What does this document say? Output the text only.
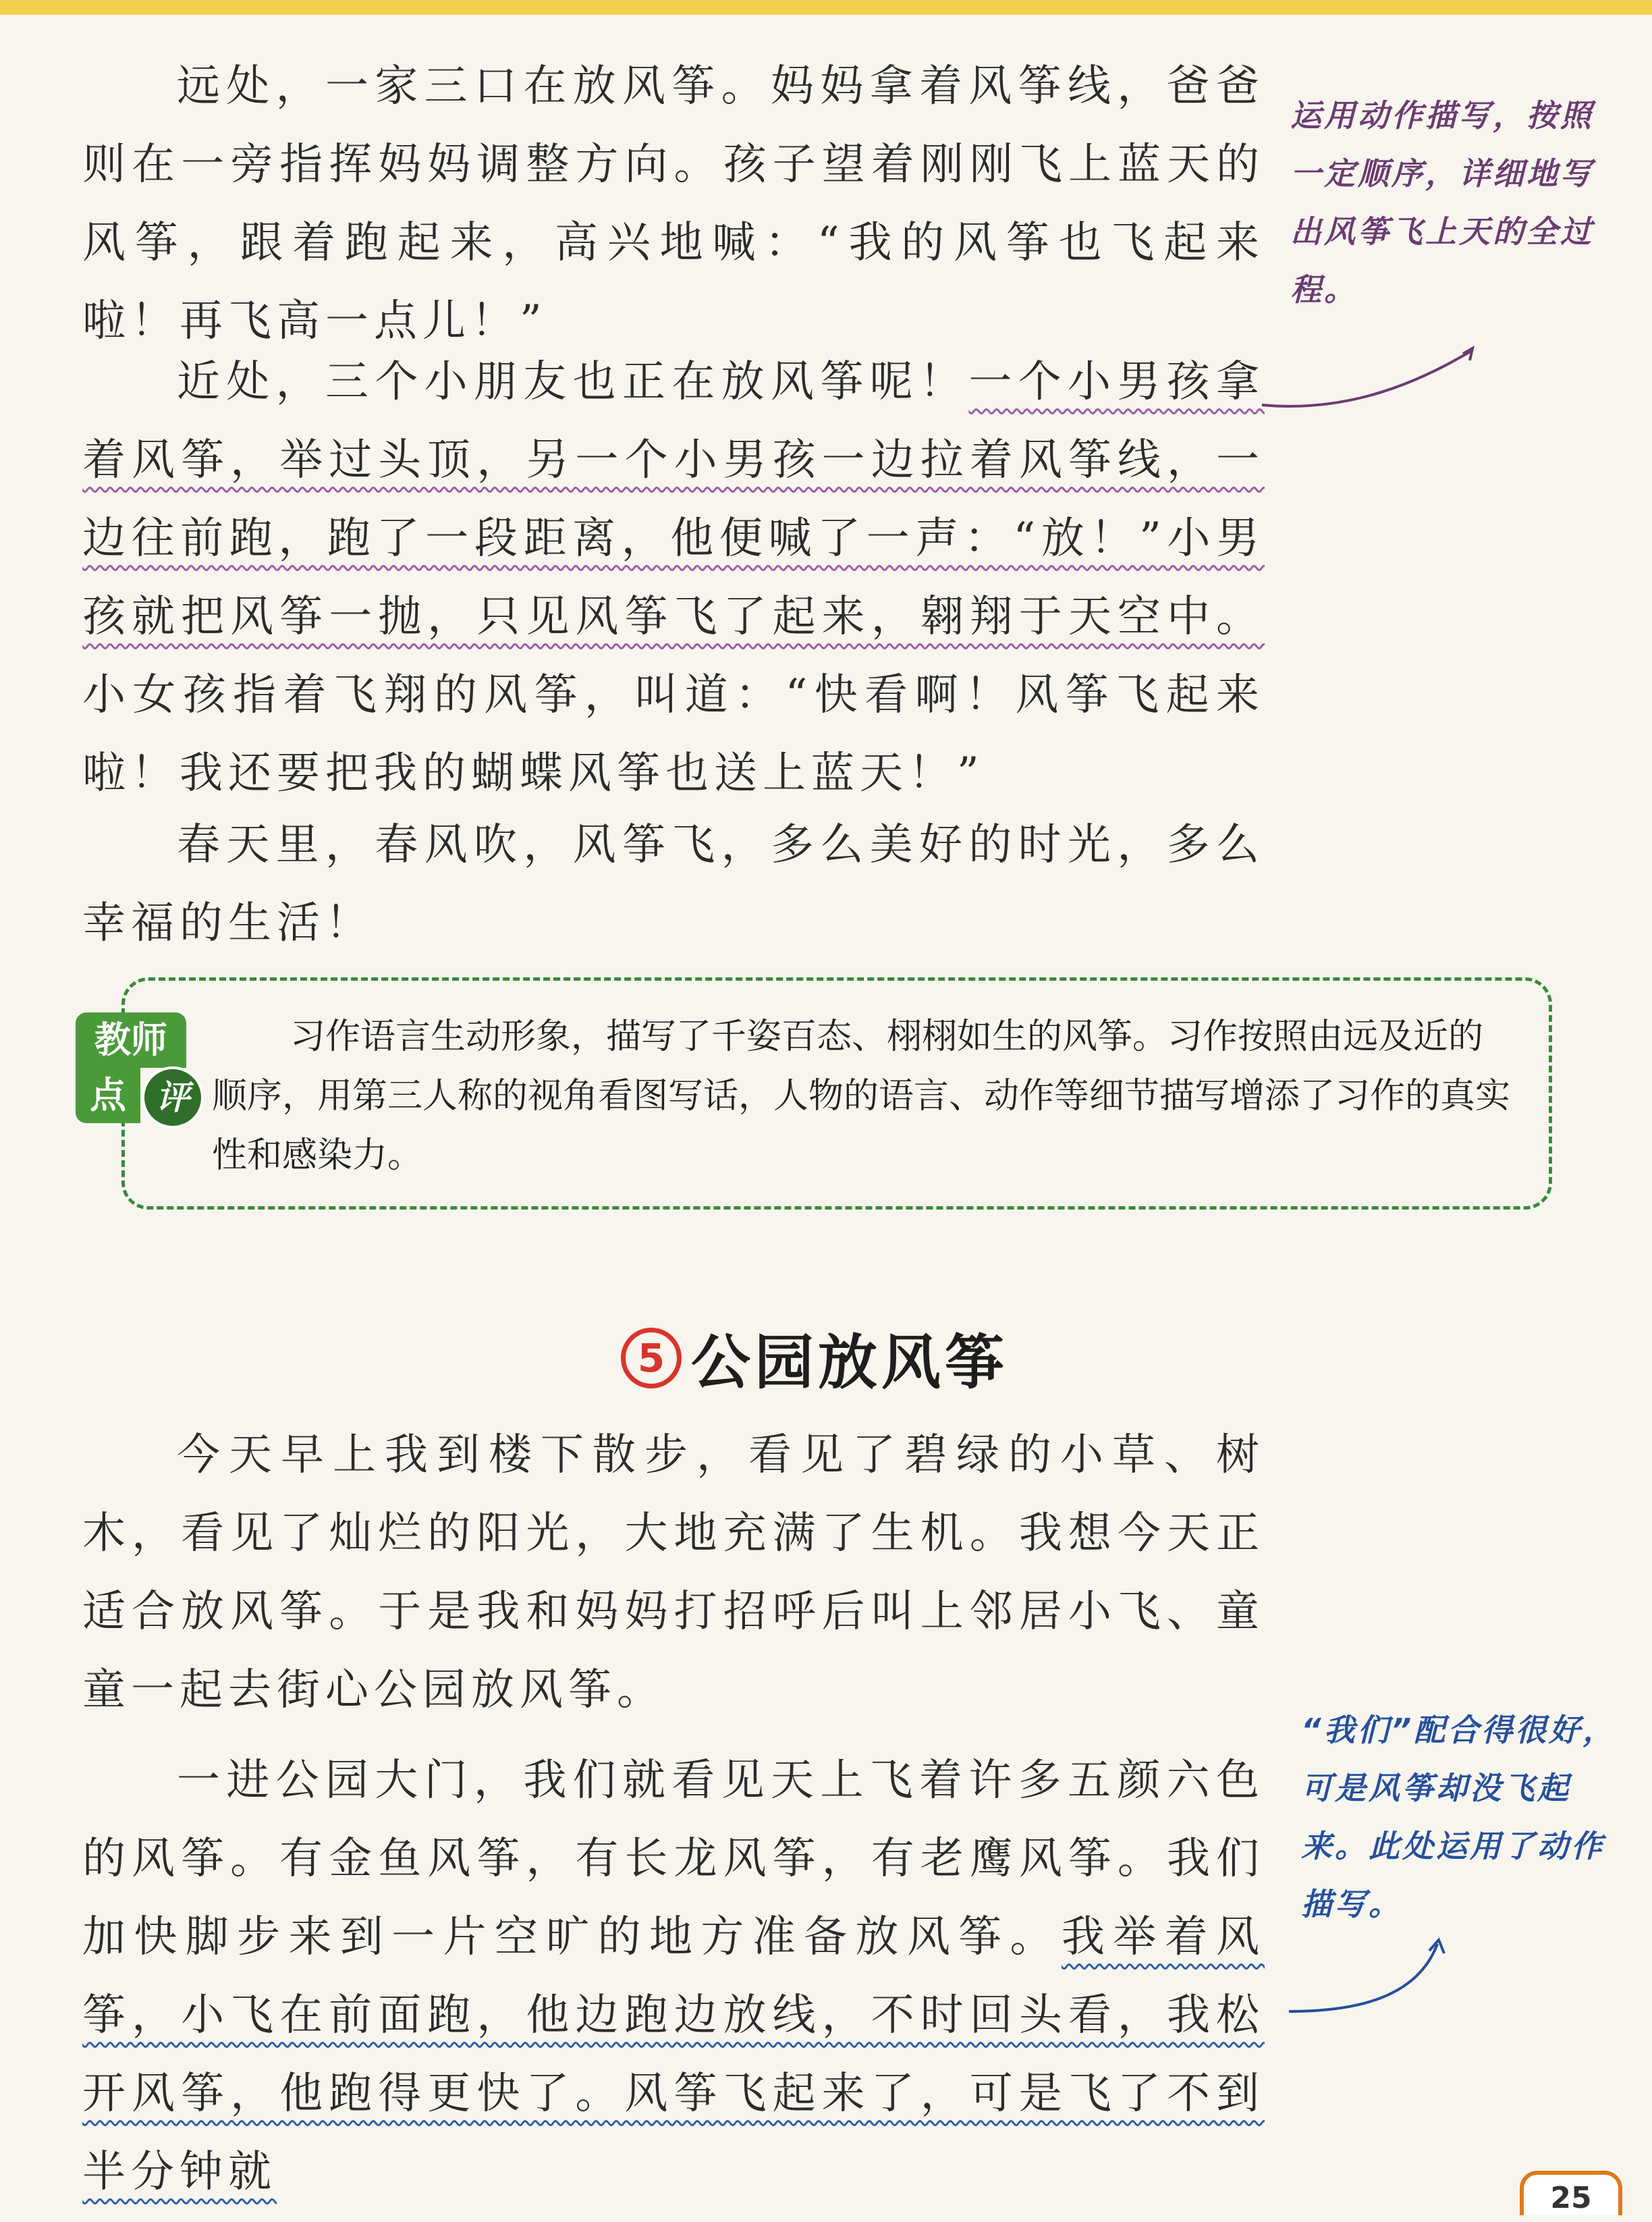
远处，一家三口在放风筝。妈妈拿着风筝线，爸爸则在一旁指挥妈妈调整方向。孩子望着刚刚飞上蓝天的风筝，跟着跑起来，高兴地喊：“我的风筝也飞起来啦！再飞高一点儿！”

近处，三个小朋友也正在放风筝呢！一个小男孩拿着风筝，举过头顶，另一个小男孩一边拉着风筝线，一边往前跑，跑了一段距离，他便喊了一声：“放！”小男孩就把风筝一抛，只见风筝飞了起来，翱翔于天空中。小女孩指着飞翔的风筝，叫道：“快看啊！风筝飞起来啦！我还要把我的蝴蝶风筝也送上蓝天！”

春天里，春风吹，风筝飞，多么美好的时光，多么幸福的生活！

运用动作描写，按照一定顺序，详细地写出风筝飞上天的全过程。
教师
点 评

习作语言生动形象，描写了千姿百态、栩栩如生的风筝。习作按照由远及近的顺序，用第三人称的视角看图写话，人物的语言、动作等细节描写增添了习作的真实性和感染力。

5 公园放风筝

今天早上我到楼下散步，看见了碧绿的小草、树木，看见了灿烂的阳光，大地充满了生机。我想今天正适合放风筝。于是我和妈妈打招呼后叫上邻居小飞、童童一起去街心公园放风筝。

一进公园大门，我们就看见天上飞着许多五颜六色的风筝。有金鱼风筝，有长龙风筝，有老鹰风筝。我们加快脚步来到一片空旷的地方准备放风筝。我举着风筝，小飞在前面跑，他边跑边放线，不时回头看，我松开风筝，他跑得更快了。风筝飞起来了，可是飞了不到半分钟就

“我们”配合得很好，可是风筝却没飞起来。此处运用了动作描写。
25
